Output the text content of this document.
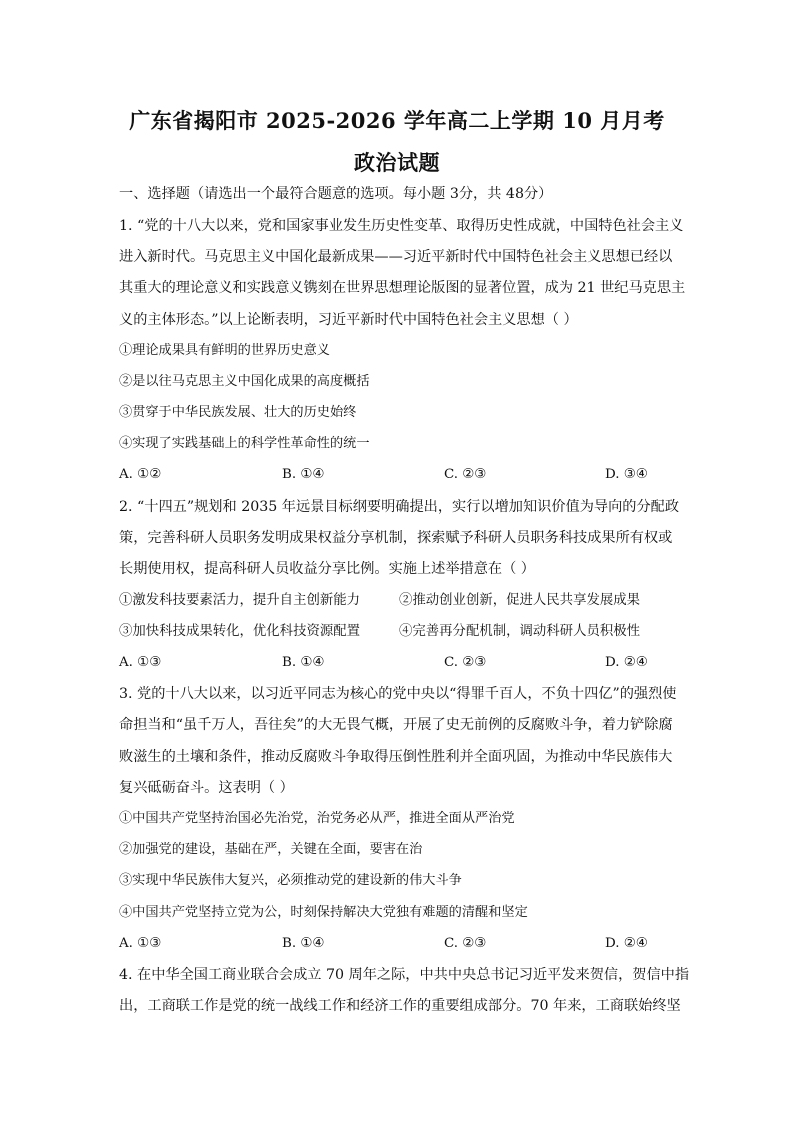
广东省揭阳市 2025-2026 学年高二上学期 10 月月考
政治试题
一、选择题（请选出一个最符合题意的选项。每小题 3分，共 48分）
1. “党的十八大以来，党和国家事业发生历史性变革、取得历史性成就，中国特色社会主义
进入新时代。马克思主义中国化最新成果——习近平新时代中国特色社会主义思想已经以
其重大的理论意义和实践意义镌刻在世界思想理论版图的显著位置，成为 21 世纪马克思主
义的主体形态。”以上论断表明，习近平新时代中国特色社会主义思想（ ）
①理论成果具有鲜明的世界历史意义
②是以往马克思主义中国化成果的高度概括
③贯穿于中华民族发展、壮大的历史始终
④实现了实践基础上的科学性革命性的统一
A. ①②	B. ①④	C. ②③	D. ③④
2. “十四五”规划和 2035 年远景目标纲要明确提出，实行以增加知识价值为导向的分配政
策，完善科研人员职务发明成果权益分享机制，探索赋予科研人员职务科技成果所有权或
长期使用权，提高科研人员收益分享比例。实施上述举措意在（ ）
①激发科技要素活力，提升自主创新能力	②推动创业创新，促进人民共享发展成果
③加快科技成果转化，优化科技资源配置	④完善再分配机制，调动科研人员积极性
A. ①③	B. ①④	C. ②③	D. ②④
3. 党的十八大以来，以习近平同志为核心的党中央以“得罪千百人，不负十四亿”的强烈使
命担当和“虽千万人，吾往矣”的大无畏气概，开展了史无前例的反腐败斗争，着力铲除腐
败滋生的土壤和条件，推动反腐败斗争取得压倒性胜利并全面巩固，为推动中华民族伟大
复兴砥砺奋斗。这表明（ ）
①中国共产党坚持治国必先治党，治党务必从严，推进全面从严治党
②加强党的建设，基础在严，关键在全面，要害在治
③实现中华民族伟大复兴，必须推动党的建设新的伟大斗争
④中国共产党坚持立党为公，时刻保持解决大党独有难题的清醒和坚定
A. ①③	B. ①④	C. ②③	D. ②④
4. 在中华全国工商业联合会成立 70 周年之际，中共中央总书记习近平发来贺信，贺信中指
出，工商联工作是党的统一战线工作和经济工作的重要组成部分。70 年来，工商联始终坚
